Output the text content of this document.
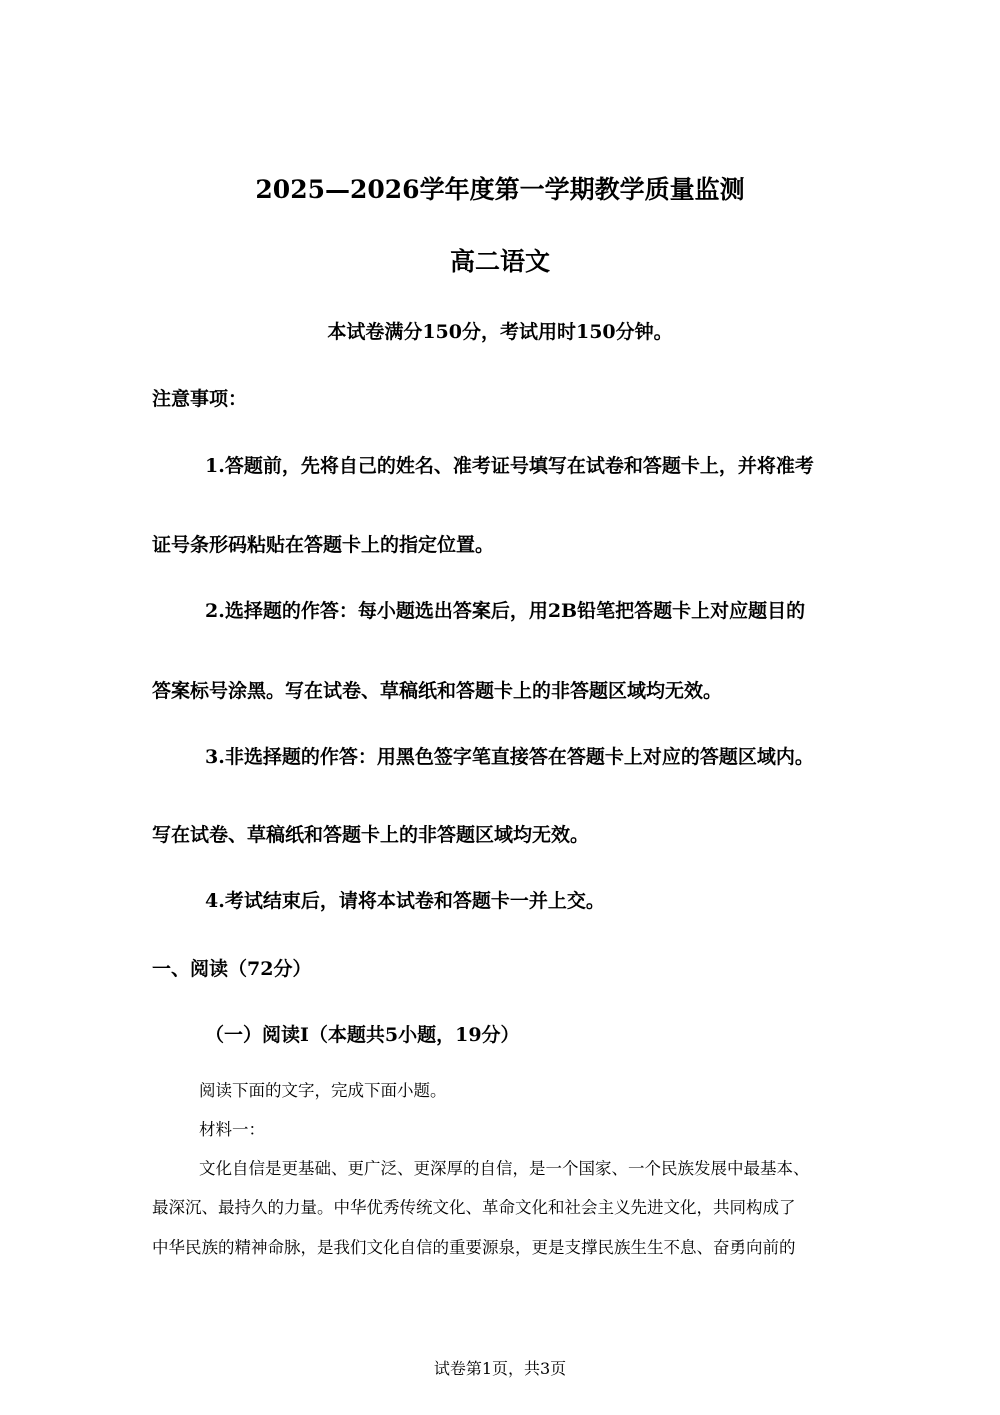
2025—2026学年度第一学期教学质量监测
高二语文
本试卷满分150分，考试用时150分钟。
注意事项：
1.答题前，先将自己的姓名、准考证号填写在试卷和答题卡上，并将准考
证号条形码粘贴在答题卡上的指定位置。
2.选择题的作答：每小题选出答案后，用2B铅笔把答题卡上对应题目的
答案标号涂黑。写在试卷、草稿纸和答题卡上的非答题区域均无效。
3.非选择题的作答：用黑色签字笔直接答在答题卡上对应的答题区域内。
写在试卷、草稿纸和答题卡上的非答题区域均无效。
4.考试结束后，请将本试卷和答题卡一并上交。
一、阅读（72分）
（一）阅读I（本题共5小题，19分）
阅读下面的文字，完成下面小题。
材料一：
文化自信是更基础、更广泛、更深厚的自信，是一个国家、一个民族发展中最基本、
最深沉、最持久的力量。中华优秀传统文化、革命文化和社会主义先进文化，共同构成了
中华民族的精神命脉，是我们文化自信的重要源泉，更是支撑民族生生不息、奋勇向前的
试卷第1页，共3页
